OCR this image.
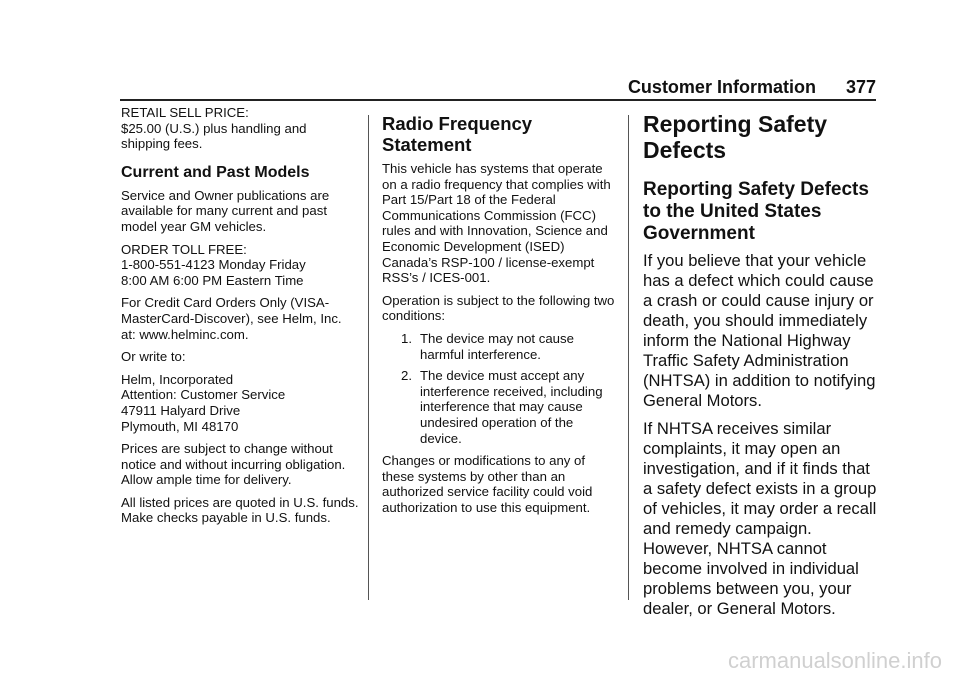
Customer Information 377

RETAIL SELL PRICE:
$25.00 (U.S.) plus handling and shipping fees.

Current and Past Models

Service and Owner publications are available for many current and past model year GM vehicles.

ORDER TOLL FREE:
1-800-551-4123 Monday Friday
8:00 AM 6:00 PM Eastern Time

For Credit Card Orders Only (VISA-MasterCard-Discover), see Helm, Inc. at: www.helminc.com.

Or write to:

Helm, Incorporated
Attention: Customer Service
47911 Halyard Drive
Plymouth, MI 48170

Prices are subject to change without notice and without incurring obligation. Allow ample time for delivery.

All listed prices are quoted in U.S. funds. Make checks payable in U.S. funds.

Radio Frequency Statement

This vehicle has systems that operate on a radio frequency that complies with Part 15/Part 18 of the Federal Communications Commission (FCC) rules and with Innovation, Science and Economic Development (ISED) Canada’s RSP-100 / license-exempt RSS’s / ICES-001.

Operation is subject to the following two conditions:

1. The device may not cause harmful interference.
2. The device must accept any interference received, including interference that may cause undesired operation of the device.

Changes or modifications to any of these systems by other than an authorized service facility could void authorization to use this equipment.

Reporting Safety Defects
Reporting Safety Defects to the United States Government

If you believe that your vehicle has a defect which could cause a crash or could cause injury or death, you should immediately inform the National Highway Traffic Safety Administration (NHTSA) in addition to notifying General Motors.

If NHTSA receives similar complaints, it may open an investigation, and if it finds that a safety defect exists in a group of vehicles, it may order a recall and remedy campaign. However, NHTSA cannot become involved in individual problems between you, your dealer, or General Motors.

carmanualsonline.info
